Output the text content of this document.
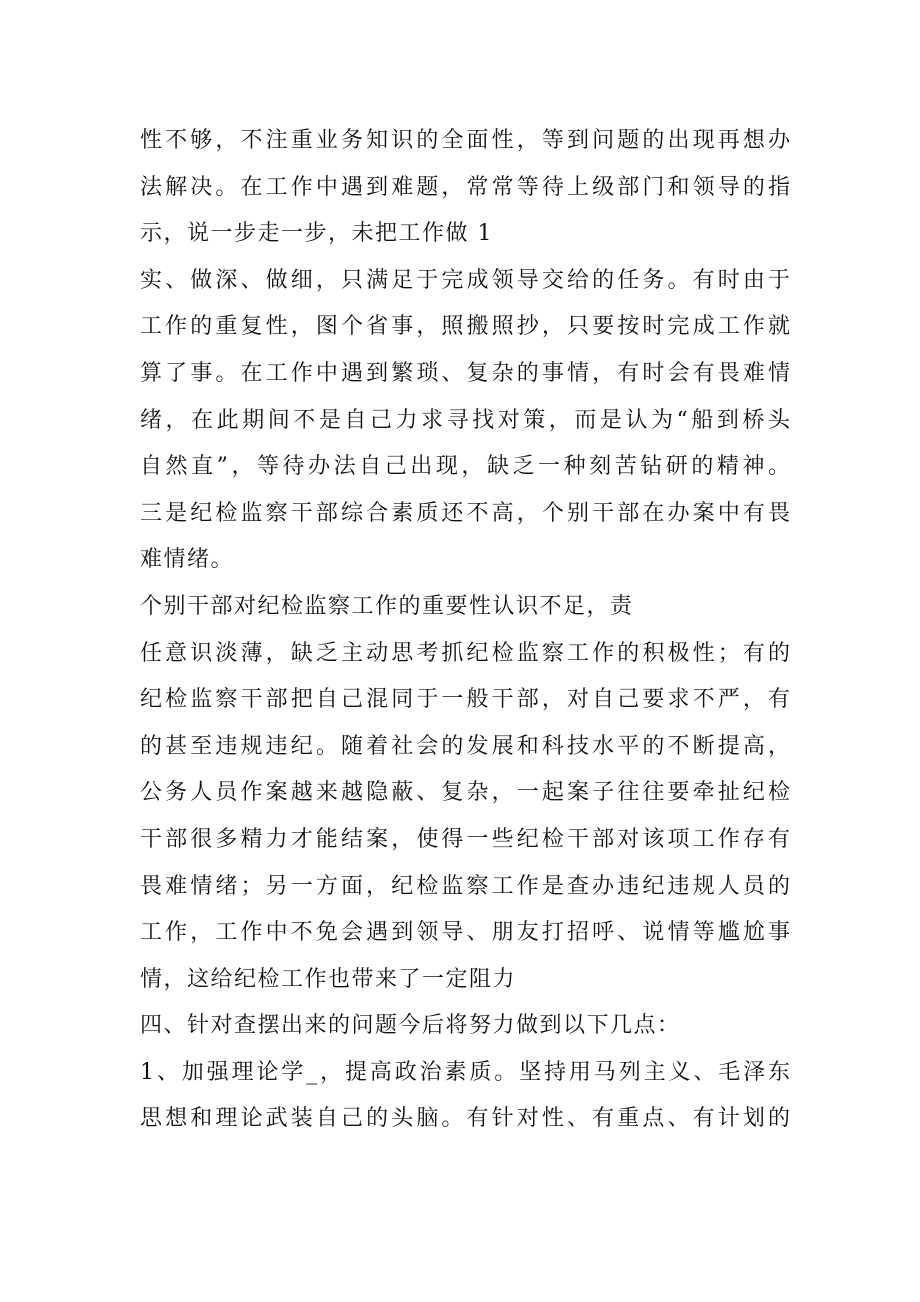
性不够，不注重业务知识的全面性，等到问题的出现再想办
法解决。在工作中遇到难题，常常等待上级部门和领导的指
示，说一步走一步，未把工作做 1
实、做深、做细，只满足于完成领导交给的任务。有时由于
工作的重复性，图个省事，照搬照抄，只要按时完成工作就
算了事。在工作中遇到繁琐、复杂的事情，有时会有畏难情
绪，在此期间不是自己力求寻找对策，而是认为“船到桥头
自然直”，等待办法自己出现，缺乏一种刻苦钻研的精神。
三是纪检监察干部综合素质还不高，个别干部在办案中有畏
难情绪。
个别干部对纪检监察工作的重要性认识不足，责
任意识淡薄，缺乏主动思考抓纪检监察工作的积极性；有的
纪检监察干部把自己混同于一般干部，对自己要求不严，有
的甚至违规违纪。随着社会的发展和科技水平的不断提高，
公务人员作案越来越隐蔽、复杂，一起案子往往要牵扯纪检
干部很多精力才能结案，使得一些纪检干部对该项工作存有
畏难情绪；另一方面，纪检监察工作是查办违纪违规人员的
工作，工作中不免会遇到领导、朋友打招呼、说情等尴尬事
情，这给纪检工作也带来了一定阻力
四、针对查摆出来的问题今后将努力做到以下几点：
1、加强理论学_，提高政治素质。坚持用马列主义、毛泽东
思想和理论武装自己的头脑。有针对性、有重点、有计划的
